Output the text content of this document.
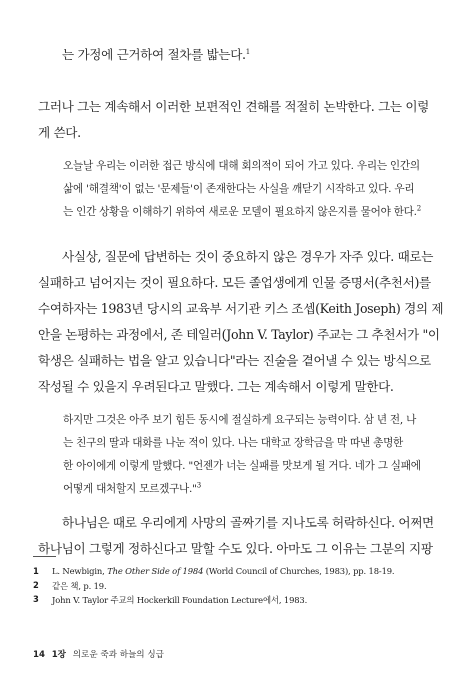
는 가정에 근거하여 절차를 밟는다.$^1$
그러나 그는 계속해서 이러한 보편적인 견해를 적절히 논박한다. 그는 이렇
게 쓴다.
오늘날 우리는 이러한 접근 방식에 대해 회의적이 되어 가고 있다. 우리는 인간의
삶에 '해결책'이 없는 '문제들'이 존재한다는 사실을 깨닫기 시작하고 있다. 우리
는 인간 상황을 이해하기 위하여 새로운 모델이 필요하지 않은지를 물어야 한다.$^2$
사실상, 질문에 답변하는 것이 중요하지 않은 경우가 자주 있다. 때로는
실패하고 넘어지는 것이 필요하다. 모든 졸업생에게 인물 증명서(추천서)를
수여하자는 1983년 당시의 교육부 서기관 키스 조셉(Keith Joseph) 경의 제
안을 논평하는 과정에서, 존 테일러(John V. Taylor) 주교는 그 추천서가 "이
학생은 실패하는 법을 알고 있습니다"라는 진술을 곁어낼 수 있는 방식으로
작성될 수 있을지 우려된다고 말했다. 그는 계속해서 이렇게 말한다.
하지만 그것은 아주 보기 힘든 동시에 절실하게 요구되는 능력이다. 삼 년 전, 나
는 친구의 딸과 대화를 나눈 적이 있다. 나는 대학교 장학금을 막 따낸 총명한
한 아이에게 이렇게 말했다. "언젠가 너는 실패를 맛보게 될 거다. 네가 그 실패에
어떻게 대처할지 모르겠구나."$^3$
하나님은 때로 우리에게 사망의 골짜기를 지나도록 허락하신다. 어쩌면
하나님이 그렇게 정하신다고 말할 수도 있다. 아마도 그 이유는 그분의 지팡
1 L. Newbigin, The Other Side of 1984 (World Council of Churches, 1983), pp. 18-19.
2 같은 책, p. 19.
3 John V. Taylor 주교의 Hockerkill Foundation Lecture에서, 1983.
14 1장 의로운 죽과 하늘의 싱급
